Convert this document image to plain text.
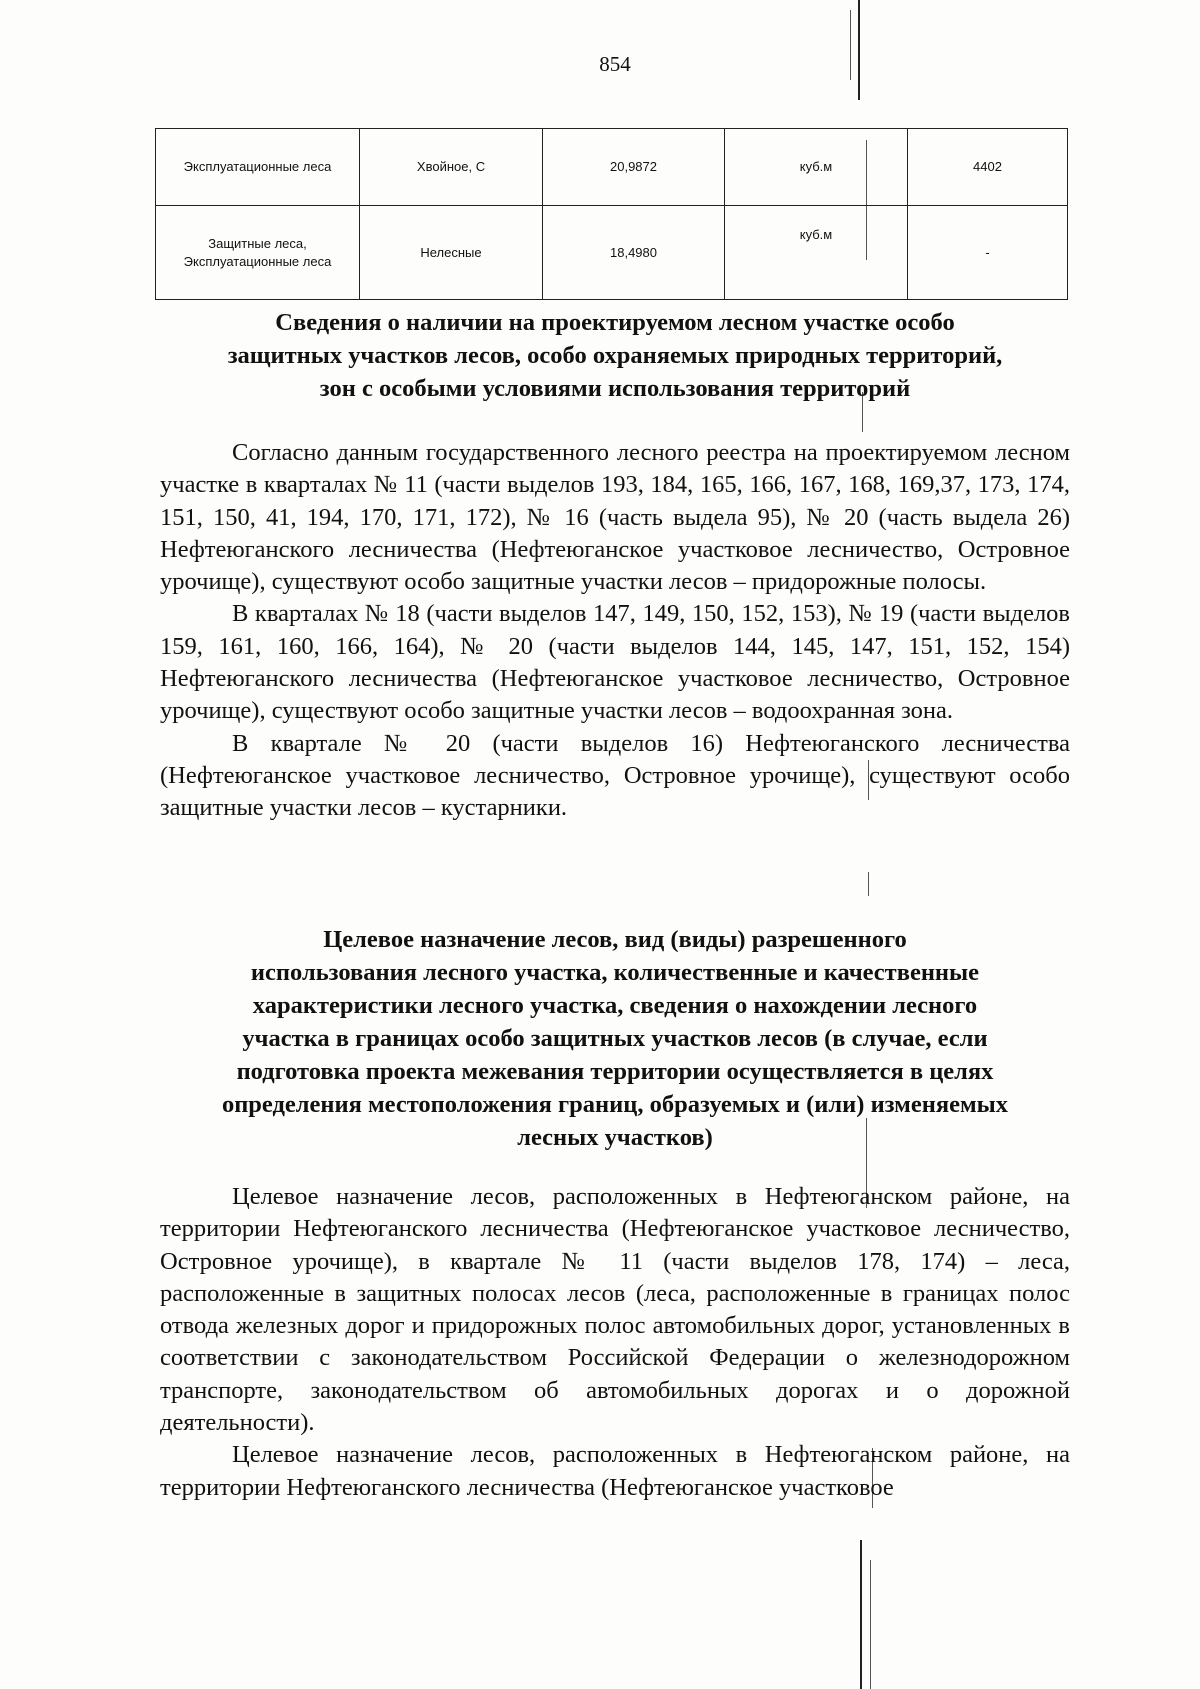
854
Эксплуатационные леса	Хвойное, С	20,9872	куб.м	4402
Защитные леса,
Эксплуатационные леса	Нелесные	18,4980	куб.м	-

Сведения о наличии на проектируемом лесном участке особо

защитных участков лесов, особо охраняемых природных территорий,

зон с особыми условиями использования территорий

Согласно данным государственного лесного реестра на проектируемом лесном участке в кварталах № 11 (части выделов 193, 184, 165, 166, 167, 168, 169,37, 173, 174, 151, 150, 41, 194, 170, 171, 172), № 16 (часть выдела 95), № 20 (часть выдела 26) Нефтеюганского лесничества (Нефтеюганское участковое лесничество, Островное урочище), существуют особо защитные участки лесов – придорожные полосы.

В кварталах № 18 (части выделов 147, 149, 150, 152, 153), № 19 (части выделов 159, 161, 160, 166, 164), № 20 (части выделов 144, 145, 147, 151, 152, 154) Нефтеюганского лесничества (Нефтеюганское участковое лесничество, Островное урочище), существуют особо защитные участки лесов – водоохранная зона.

В квартале № 20 (части выделов 16) Нефтеюганского лесничества (Нефтеюганское участковое лесничество, Островное урочище), существуют особо защитные участки лесов – кустарники.

Целевое назначение лесов, вид (виды) разрешенного

использования лесного участка, количественные и качественные

характеристики лесного участка, сведения о нахождении лесного

участка в границах особо защитных участков лесов (в случае, если

подготовка проекта межевания территории осуществляется в целях

определения местоположения границ, образуемых и (или) изменяемых

лесных участков)

Целевое назначение лесов, расположенных в Нефтеюганском районе, на территории Нефтеюганского лесничества (Нефтеюганское участковое лесничество, Островное урочище), в квартале № 11 (части выделов 178, 174) – леса, расположенные в защитных полосах лесов (леса, расположенные в границах полос отвода железных дорог и придорожных полос автомобильных дорог, установленных в соответствии с законодательством Российской Федерации о железнодорожном транспорте, законодательством об автомобильных дорогах и о дорожной деятельности).

Целевое назначение лесов, расположенных в Нефтеюганском районе, на территории Нефтеюганского лесничества (Нефтеюганское участковое
